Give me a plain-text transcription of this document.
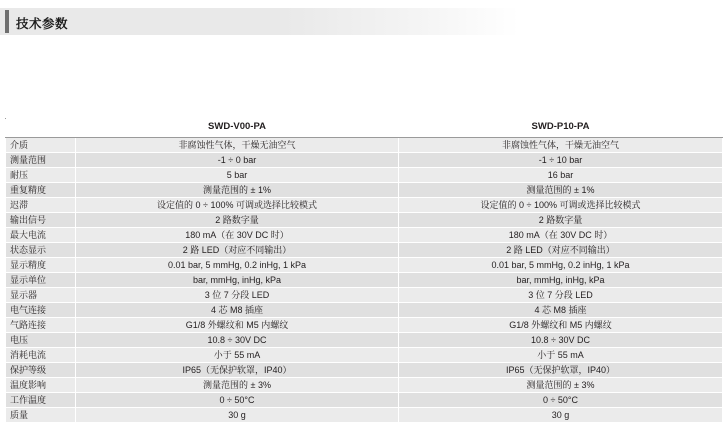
技术参数
	SWD-V00-PA	SWD-P10-PA
介质	非腐蚀性气体，干燥无油空气	非腐蚀性气体，干燥无油空气
测量范围	-1 ÷ 0 bar	-1 ÷ 10 bar
耐压	5 bar	16 bar
重复精度	测量范围的 ± 1%	测量范围的 ± 1%
迟滞	设定值的 0 ÷ 100% 可调或选择比较模式	设定值的 0 ÷ 100% 可调或选择比较模式
输出信号	2 路数字量	2 路数字量
最大电流	180 mA（在 30V DC 时）	180 mA（在 30V DC 时）
状态显示	2 路 LED（对应不同输出）	2 路 LED（对应不同输出）
显示精度	0.01 bar, 5 mmHg, 0.2 inHg, 1 kPa	0.01 bar, 5 mmHg, 0.2 inHg, 1 kPa
显示单位	bar, mmHg, inHg, kPa	bar, mmHg, inHg, kPa
显示器	3 位 7 分段 LED	3 位 7 分段 LED
电气连接	4 芯 M8 插座	4 芯 M8 插座
气路连接	G1/8 外螺纹和 M5 内螺纹	G1/8 外螺纹和 M5 内螺纹
电压	10.8 ÷ 30V DC	10.8 ÷ 30V DC
消耗电流	小于 55 mA	小于 55 mA
保护等级	IP65（无保护软罩，IP40）	IP65（无保护软罩，IP40）
温度影响	测量范围的 ± 3%	测量范围的 ± 3%
工作温度	0 ÷ 50°C	0 ÷ 50°C
质量	30 g	30 g
